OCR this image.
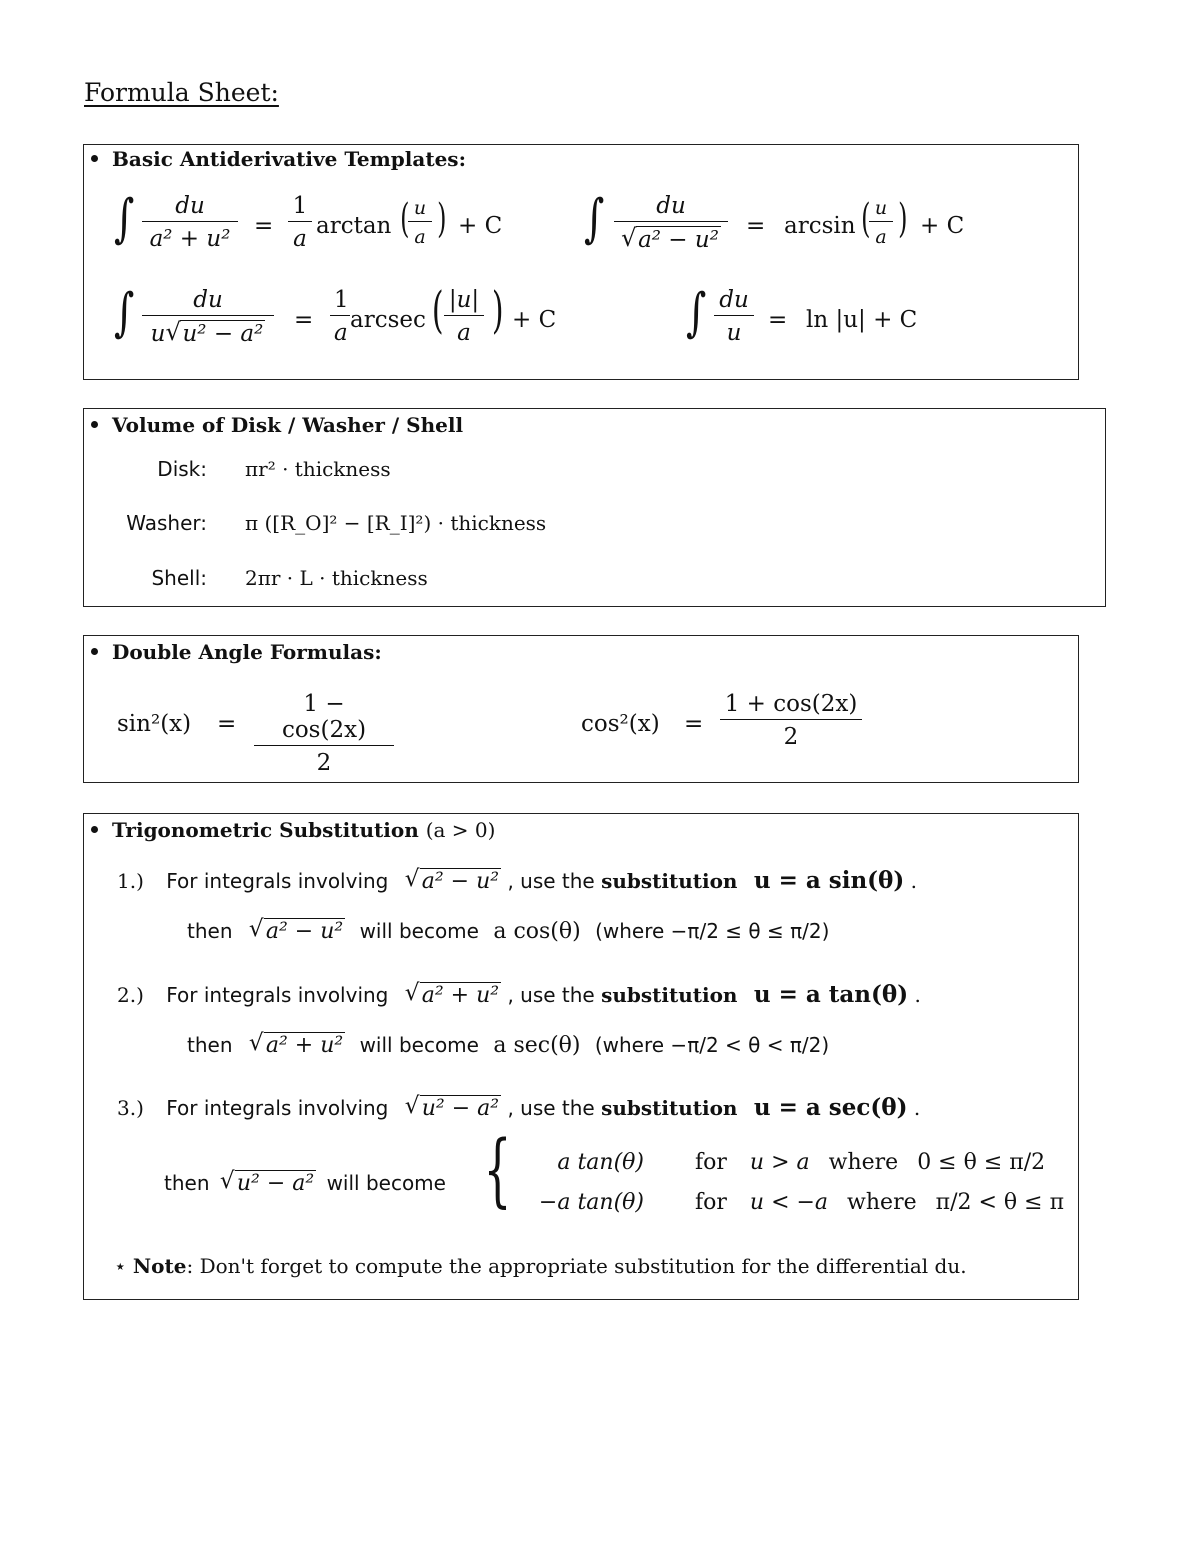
Formula Sheet:
Basic Antiderivative Templates:
∫ $\frac{du}{\text{a² + u²}} = \frac{1}{a}$ arctan (
$\frac{u}{a}$ ) + C ∫ du
√ a² − u² = arcsin (
$\frac{u}{a}$ ) + C
∫ $\frac{du}{\text{u √ u² − a²}} = \frac{1}{a}$ arcsec ( $\frac{|u|}{a}$ ) + C ∫ $\frac{du}{u} = \ln |u| + C$
Volume of Disk / Washer / Shell
Disk: πr² · thickness
Washer: π ([R_O]² − [R_I]²) · thickness
Shell: 2πr · L · thickness
Double Angle Formulas:
$\sin^2(x) = \frac{1 - \cos(2x)}{2}$	$\cos^2(x) = \frac{1 + \cos(2x)}{2}$
Trigonometric Substitution (a > 0)
1.) For integrals involving √ a² − u² , use the substitution u = a sin(θ) .
then √ a² − u² will become a cos(θ) (where −π/2 ≤ θ ≤ π/2)
2.) For integrals involving √ a² + u² , use the substitution u = a tan(θ) .
then √ a² + u² will become a sec(θ) (where −π/2 < θ < π/2)
3.) For integrals involving √ u² − a² , use the substitution u = a sec(θ) .
then √ u² − a² will become {	a tan(θ) for u > a where 0 ≤ θ ≤ π/2
−a tan(θ) for u < −a where π/2 < θ ≤ π
⋆ Note: Don't forget to compute the appropriate substitution for the differential du.
